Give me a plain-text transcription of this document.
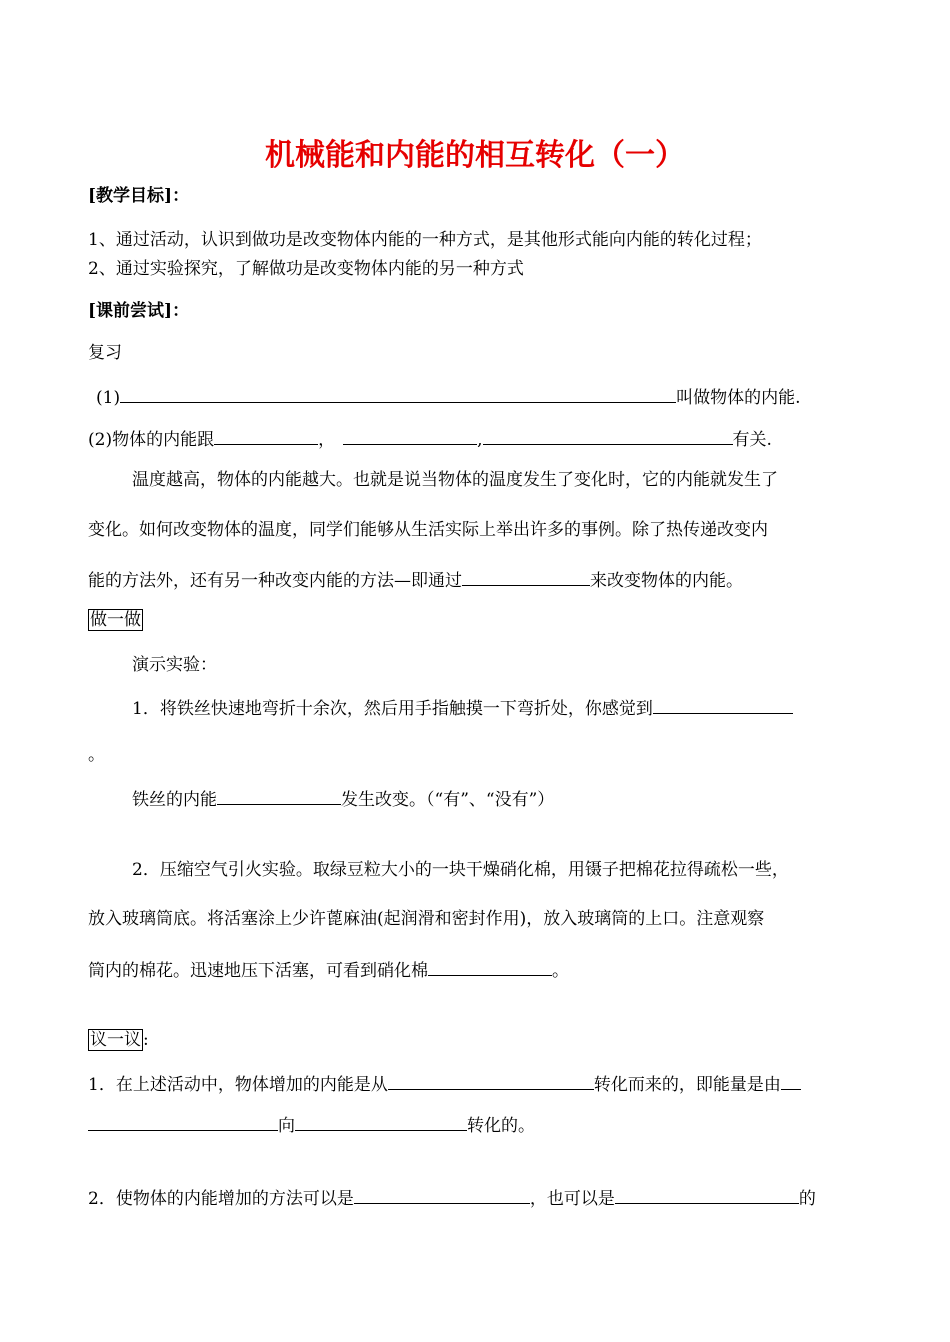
机械能和内能的相互转化（一）
[教学目标]：
1、通过活动，认识到做功是改变物体内能的一种方式，是其他形式能向内能的转化过程；
2、通过实验探究，了解做功是改变物体内能的另一种方式
[课前尝试]：
复习
(1)	叫做物体的内能.
(2)物体的内能跟	，	,	有关.
温度越高，物体的内能越大。也就是说当物体的温度发生了变化时，它的内能就发生了
变化。如何改变物体的温度，同学们能够从生活实际上举出许多的事例。除了热传递改变内
能的方法外，还有另一种改变内能的方法—即通过	来改变物体的内能。
做一做
演示实验：
1．将铁丝快速地弯折十余次，然后用手指触摸一下弯折处，你感觉到
。
铁丝的内能	发生改变。（“有”、“没有”）
2．压缩空气引火实验。取绿豆粒大小的一块干燥硝化棉，用镊子把棉花拉得疏松一些，
放入玻璃筒底。将活塞涂上少许蓖麻油(起润滑和密封作用)，放入玻璃筒的上口。注意观察
筒内的棉花。迅速地压下活塞，可看到硝化棉	。
议一议 :
1．在上述活动中，物体增加的内能是从	转化而来的，即能量是由
向	转化的。
2．使物体的内能增加的方法可以是	，也可以是	的
